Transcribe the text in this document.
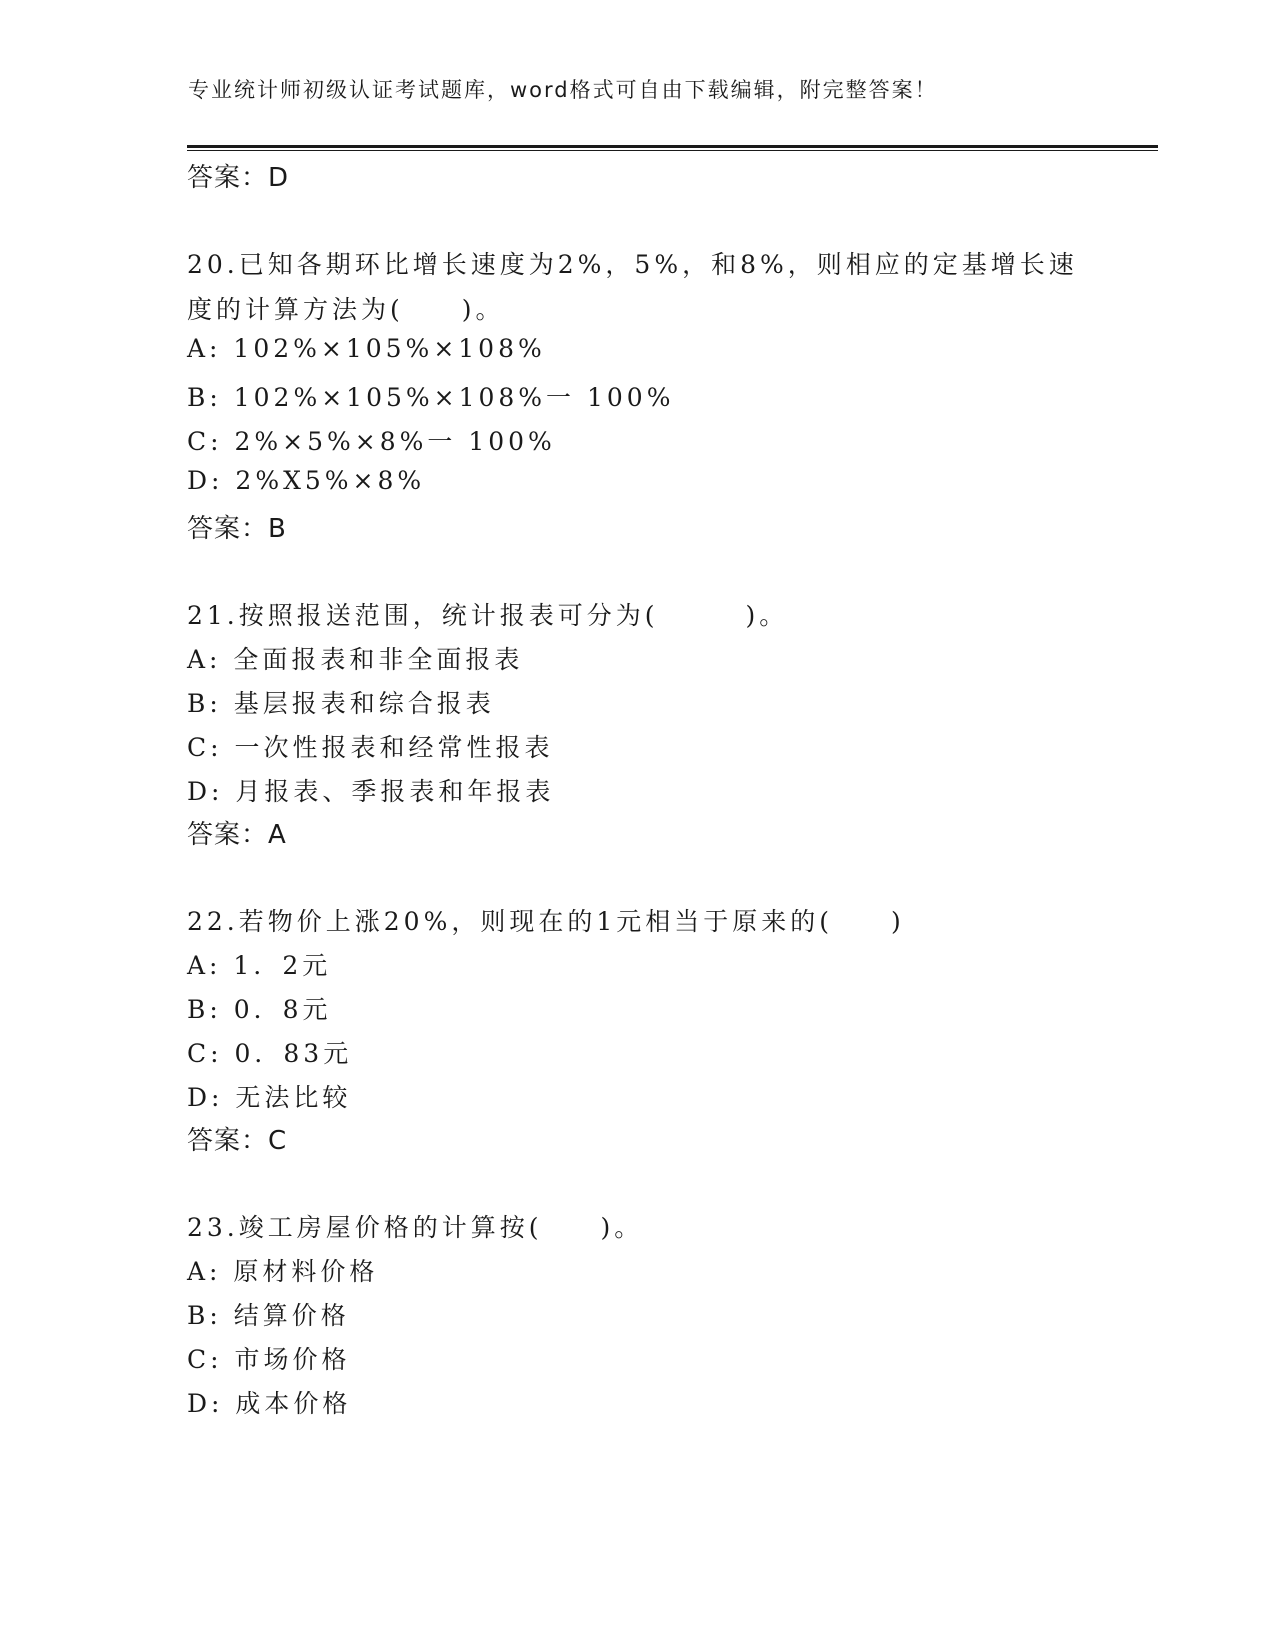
专业统计师初级认证考试题库，word格式可自由下载编辑，附完整答案！
答案：D
20.已知各期环比增长速度为2%，5%，和8%，则相应的定基增长速
度的计算方法为(　　)。
A: 102%×105%×108%
B: 102%×105%×108%一 100%
C: 2%×5%×8%一 100%
D: 2%X5%×8%
答案：B
21.按照报送范围，统计报表可分为(　　　)。
A: 全面报表和非全面报表
B: 基层报表和综合报表
C: 一次性报表和经常性报表
D: 月报表、季报表和年报表
答案：A
22.若物价上涨20%，则现在的1元相当于原来的(　　)
A: 1．2元
B: 0．8元
C: 0．83元
D: 无法比较
答案：C
23.竣工房屋价格的计算按(　　)。
A: 原材料价格
B: 结算价格
C: 市场价格
D: 成本价格
